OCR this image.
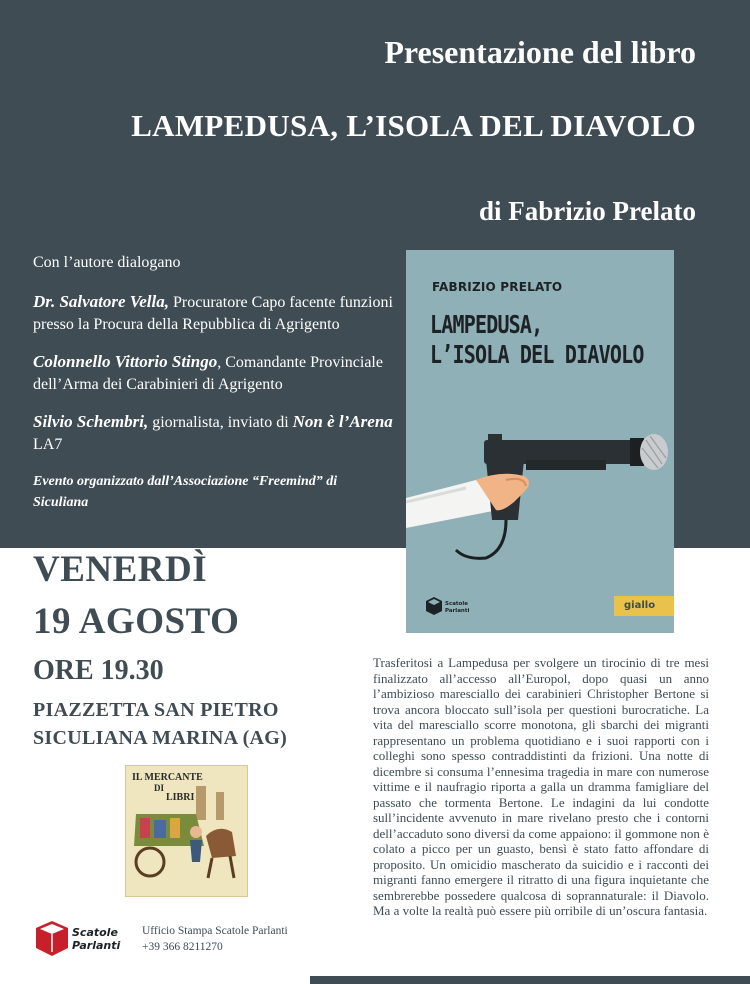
Presentazione del libro
LAMPEDUSA, L’ISOLA DEL DIAVOLO
di Fabrizio Prelato
Con l’autore dialogano
Dr. Salvatore Vella, Procuratore Capo facente funzioni presso la Procura della Repubblica di Agrigento
Colonnello Vittorio Stingo, Comandante Provinciale dell’Arma dei Carabinieri di Agrigento
Silvio Schembri, giornalista, inviato di Non è l’Arena LA7
Evento organizzato dall’Associazione “Freemind” di Siculiana
FABRIZIO PRELATO
LAMPEDUSA,
L’ISOLA DEL DIAVOLO
Scatole
Parlanti	giallo
VENERDÌ
19 AGOSTO
ORE 19.30
PIAZZETTA SAN PIETRO
SICULIANA MARINA (AG)
IL MERCANTE
DI
LIBRI
Scatole
Parlanti
Ufficio Stampa Scatole Parlanti
+39 366 8211270
Trasferitosi a Lampedusa per svolgere un tirocinio di tre mesi finalizzato all’accesso all’Europol, dopo quasi un anno l’ambizioso maresciallo dei carabinieri Christopher Bertone si trova ancora bloccato sull’isola per questioni burocratiche. La vita del maresciallo scorre monotona, gli sbarchi dei migranti rappresentano un problema quotidiano e i suoi rapporti con i colleghi sono spesso contraddistinti da frizioni. Una notte di dicembre si consuma l’ennesima tragedia in mare con numerose vittime e il naufragio riporta a galla un dramma famigliare del passato che tormenta Bertone. Le indagini da lui condotte sull’incidente avvenuto in mare rivelano presto che i contorni dell’accaduto sono diversi da come appaiono: il gommone non è colato a picco per un guasto, bensì è stato fatto affondare di proposito. Un omicidio mascherato da suicidio e i racconti dei migranti fanno emergere il ritratto di una figura inquietante che sembrerebbe possedere qualcosa di soprannaturale: il Diavolo. Ma a volte la realtà può essere più orribile di un’oscura fantasia.
